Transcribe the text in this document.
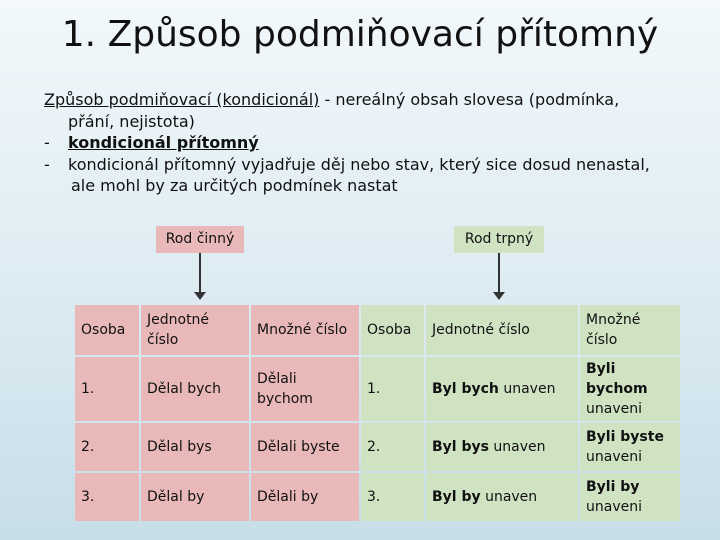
1. Způsob podmiňovací přítomný
Způsob podmiňovací (kondicionál) - nereálný obsah slovesa (podmínka,
přání, nejistota)
- kondicionál přítomný
- kondicionál přítomný vyjadřuje děj nebo stav, který sice dosud nenastal,
ale mohl by za určitých podmínek nastat
Rod činný	Rod trpný
Osoba	Jednotné číslo	Množné číslo	Osoba	Jednotné číslo	Množné číslo
1.	Dělal bych	Dělali bychom	1.	Byl bych unaven	Byli bychom
unaveni
2.	Dělal bys	Dělali byste	2.	Byl bys unaven	Byli byste
unaveni
3.	Dělal by	Dělali by	3.	Byl by unaven	Byli by
unaveni
